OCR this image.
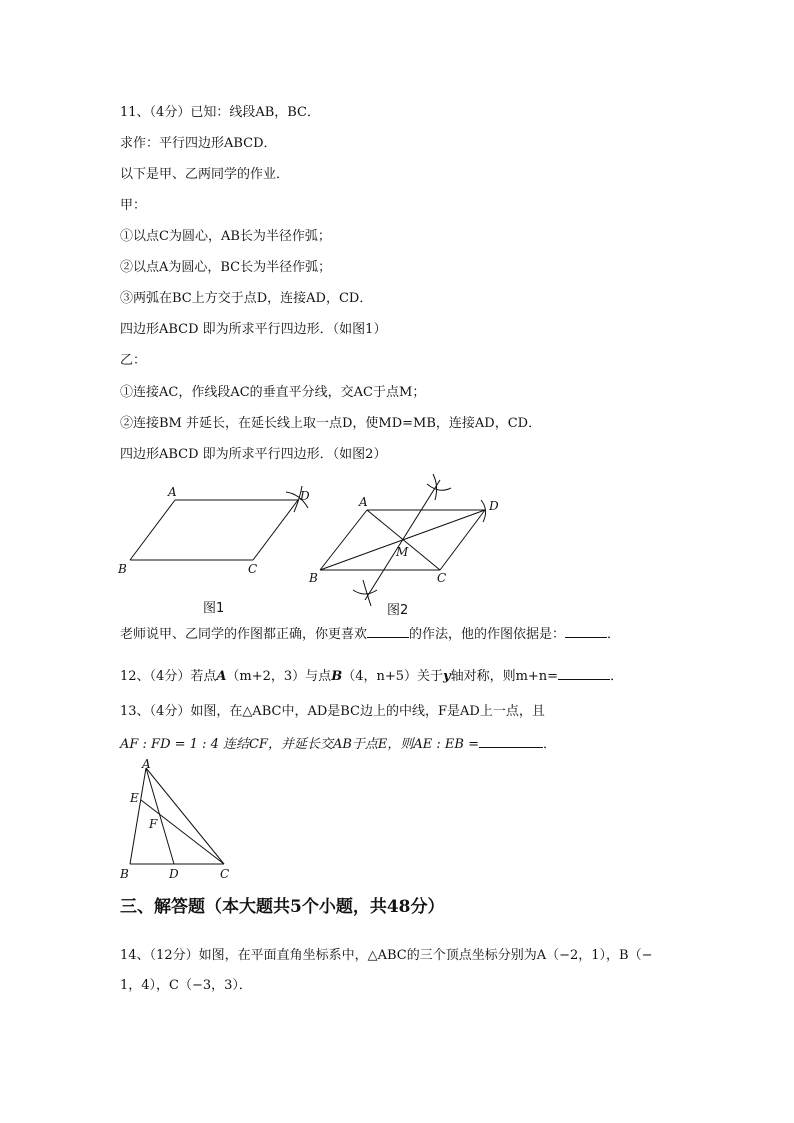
11、（4分）已知：线段AB，BC．
求作：平行四边形ABCD．
以下是甲、乙两同学的作业．
甲：
①以点C为圆心，AB长为半径作弧；
②以点A为圆心，BC长为半径作弧；
③两弧在BC上方交于点D，连接AD，CD．
四边形ABCD 即为所求平行四边形．（如图1）
乙：
①连接AC，作线段AC的垂直平分线，交AC于点M；
②连接BM 并延长，在延长线上取一点D，使MD=MB，连接AD，CD．
四边形ABCD 即为所求平行四边形．（如图2）
A	D
B	C
图1
A	D
M
B	C
图2
老师说甲、乙同学的作图都正确，你更喜欢	的作法，他的作图依据是：	．
12、（4分）若点A（m+2，3）与点B（4，n+5）关于y轴对称，则m+n=	．
13、（4分）如图，在△ABC中，AD是BC边上的中线，F是AD上一点，且
AF : FD = 1 : 4 连结CF，并延长交AB于点E，则AE : EB =	．
A
E
F
B	D	C
三、解答题（本大题共5个小题，共48分）
14、（12分）如图，在平面直角坐标系中，△ABC的三个顶点坐标分别为A（−2，1），B（−
1，4），C（−3，3）．
